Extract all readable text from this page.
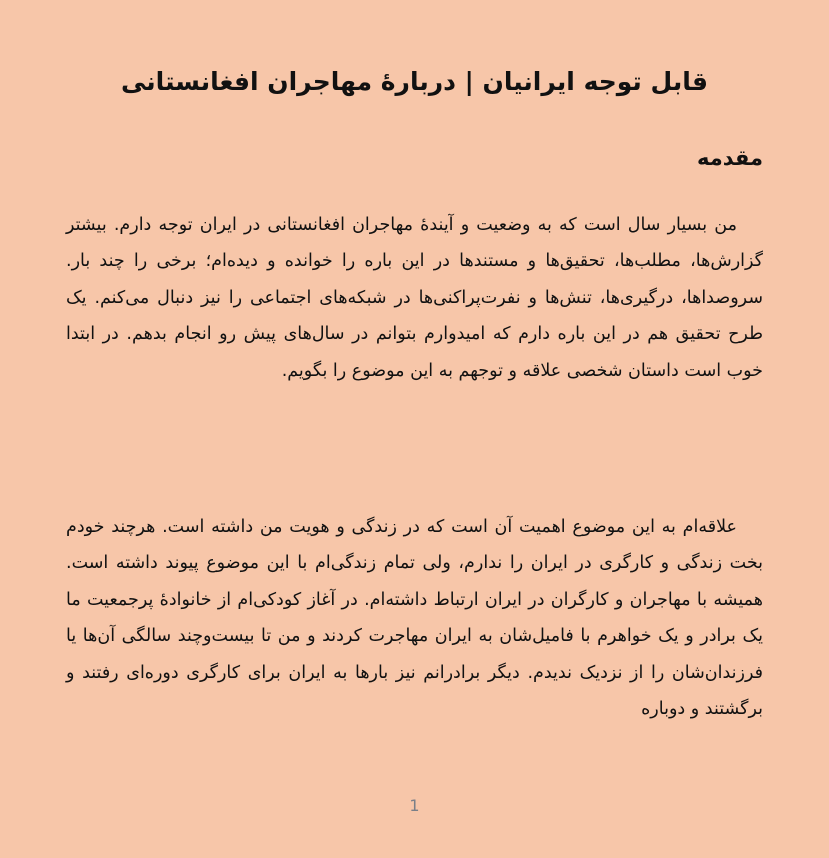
قابل توجه ایرانیان | دربارهٔ مهاجران افغانستانی
مقدمه

من بسیار سال است که به وضعیت و آیندهٔ مهاجران افغانستانی در ایران توجه دارم. بیشتر گزارش‌ها، مطلب‌ها، تحقیق‌ها و مستندها در این باره را خوانده و دیده‌ام؛ برخی را چند بار. سروصداها، درگیری‌ها، تنش‌ها و نفرت‌پراکنی‌ها در شبکه‌های اجتماعی را نیز دنبال می‌کنم. یک طرح تحقیق هم در این باره دارم که امیدوارم بتوانم در سال‌های پیش رو انجام بدهم. در ابتدا خوب است داستان شخصی علاقه و توجهم به این موضوع را بگویم.

علاقه‌ام به این موضوع اهمیت آن است که در زندگی و هویت من داشته است. هرچند خودم بخت زندگی و کارگری در ایران را ندارم، ولی تمام زندگی‌ام با این موضوع پیوند داشته است. همیشه با مهاجران و کارگران در ایران ارتباط داشته‌ام. در آغاز کودکی‌ام از خانوادهٔ پرجمعیت ما یک برادر و یک خواهرم با فامیل‌شان به ایران مهاجرت کردند و من تا بیست‌وچند سالگی آن‌ها یا فرزندان‌شان را از نزدیک ندیدم. دیگر برادرانم نیز بارها به ایران برای کارگری دوره‌ای رفتند و برگشتند و دوباره

1
